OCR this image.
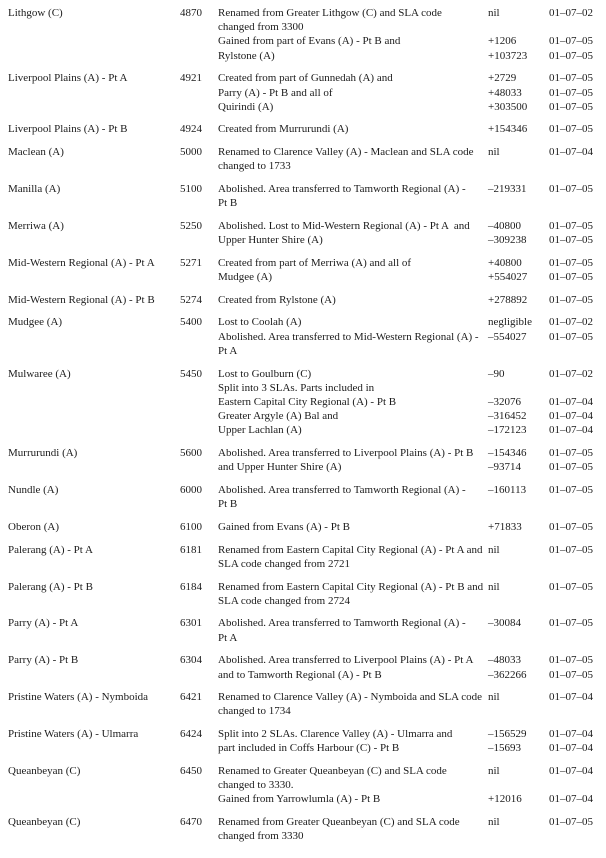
Lithgow (C)	4870 Renamed from Greater Lithgow (C) and SLA code
changed from 3300
nil	01–07–02
Gained from part of Evans (A) - Pt B and	+1206	01–07–05
Rylstone (A)	+103723	01–07–05
Liverpool Plains (A) - Pt A	4921 Created from part of Gunnedah (A) and	+2729	01–07–05
Parry (A) - Pt B and all of	+48033	01–07–05
Quirindi (A)	+303500	01–07–05
Liverpool Plains (A) - Pt B	4924 Created from Murrurundi (A)	+154346	01–07–05
Maclean (A)	5000 Renamed to Clarence Valley (A) - Maclean and SLA code
changed to 1733
nil	01–07–04
Manilla (A)	5100 Abolished. Area transferred to Tamworth Regional (A) -
Pt B
–219331	01–07–05
Merriwa (A)	5250 Abolished. Lost to Mid-Western Regional (A) - Pt A  and	–40800	01–07–05
Upper Hunter Shire (A)	–309238	01–07–05
Mid-Western Regional (A) - Pt A	5271 Created from part of Merriwa (A) and all of	+40800	01–07–05
Mudgee (A)	+554027	01–07–05
Mid-Western Regional (A) - Pt B	5274 Created from Rylstone (A)	+278892	01–07–05
Mudgee (A)	5400 Lost to Coolah (A)	negligible	01–07–02
Abolished. Area transferred to Mid-Western Regional (A) -
Pt A
–554027	01–07–05
Mulwaree (A)	5450 Lost to Goulburn (C)	–90	01–07–02
Split into 3 SLAs. Parts included in
Eastern Capital City Regional (A) - Pt B	–32076	01–07–04
Greater Argyle (A) Bal and	–316452	01–07–04
Upper Lachlan (A)	–172123	01–07–04
Murrurundi (A)	5600 Abolished. Area transferred to Liverpool Plains (A) - Pt B	–154346	01–07–05
and Upper Hunter Shire (A)	–93714	01–07–05
Nundle (A)	6000 Abolished. Area transferred to Tamworth Regional (A) -
Pt B
–160113	01–07–05
Oberon (A)	6100 Gained from Evans (A) - Pt B	+71833	01–07–05
Palerang (A) - Pt A	6181 Renamed from Eastern Capital City Regional (A) - Pt A and
SLA code changed from 2721
nil	01–07–05
Palerang (A) - Pt B	6184 Renamed from Eastern Capital City Regional (A) - Pt B and
SLA code changed from 2724
nil	01–07–05
Parry (A) - Pt A	6301 Abolished. Area transferred to Tamworth Regional (A) -
Pt A
–30084	01–07–05
Parry (A) - Pt B	6304 Abolished. Area transferred to Liverpool Plains (A) - Pt A	–48033	01–07–05
and to Tamworth Regional (A) - Pt B	–362266	01–07–05
Pristine Waters (A) - Nymboida	6421 Renamed to Clarence Valley (A) - Nymboida and SLA code
changed to 1734
nil	01–07–04
Pristine Waters (A) - Ulmarra	6424 Split into 2 SLAs. Clarence Valley (A) - Ulmarra and	–156529	01–07–04
part included in Coffs Harbour (C) - Pt B	–15693	01–07–04
Queanbeyan (C)	6450 Renamed to Greater Queanbeyan (C) and SLA code
changed to 3330.
nil	01–07–04
Gained from Yarrowlumla (A) - Pt B	+12016	01–07–04
Queanbeyan (C)	6470 Renamed from Greater Queanbeyan (C) and SLA code
changed from 3330
nil	01–07–05
